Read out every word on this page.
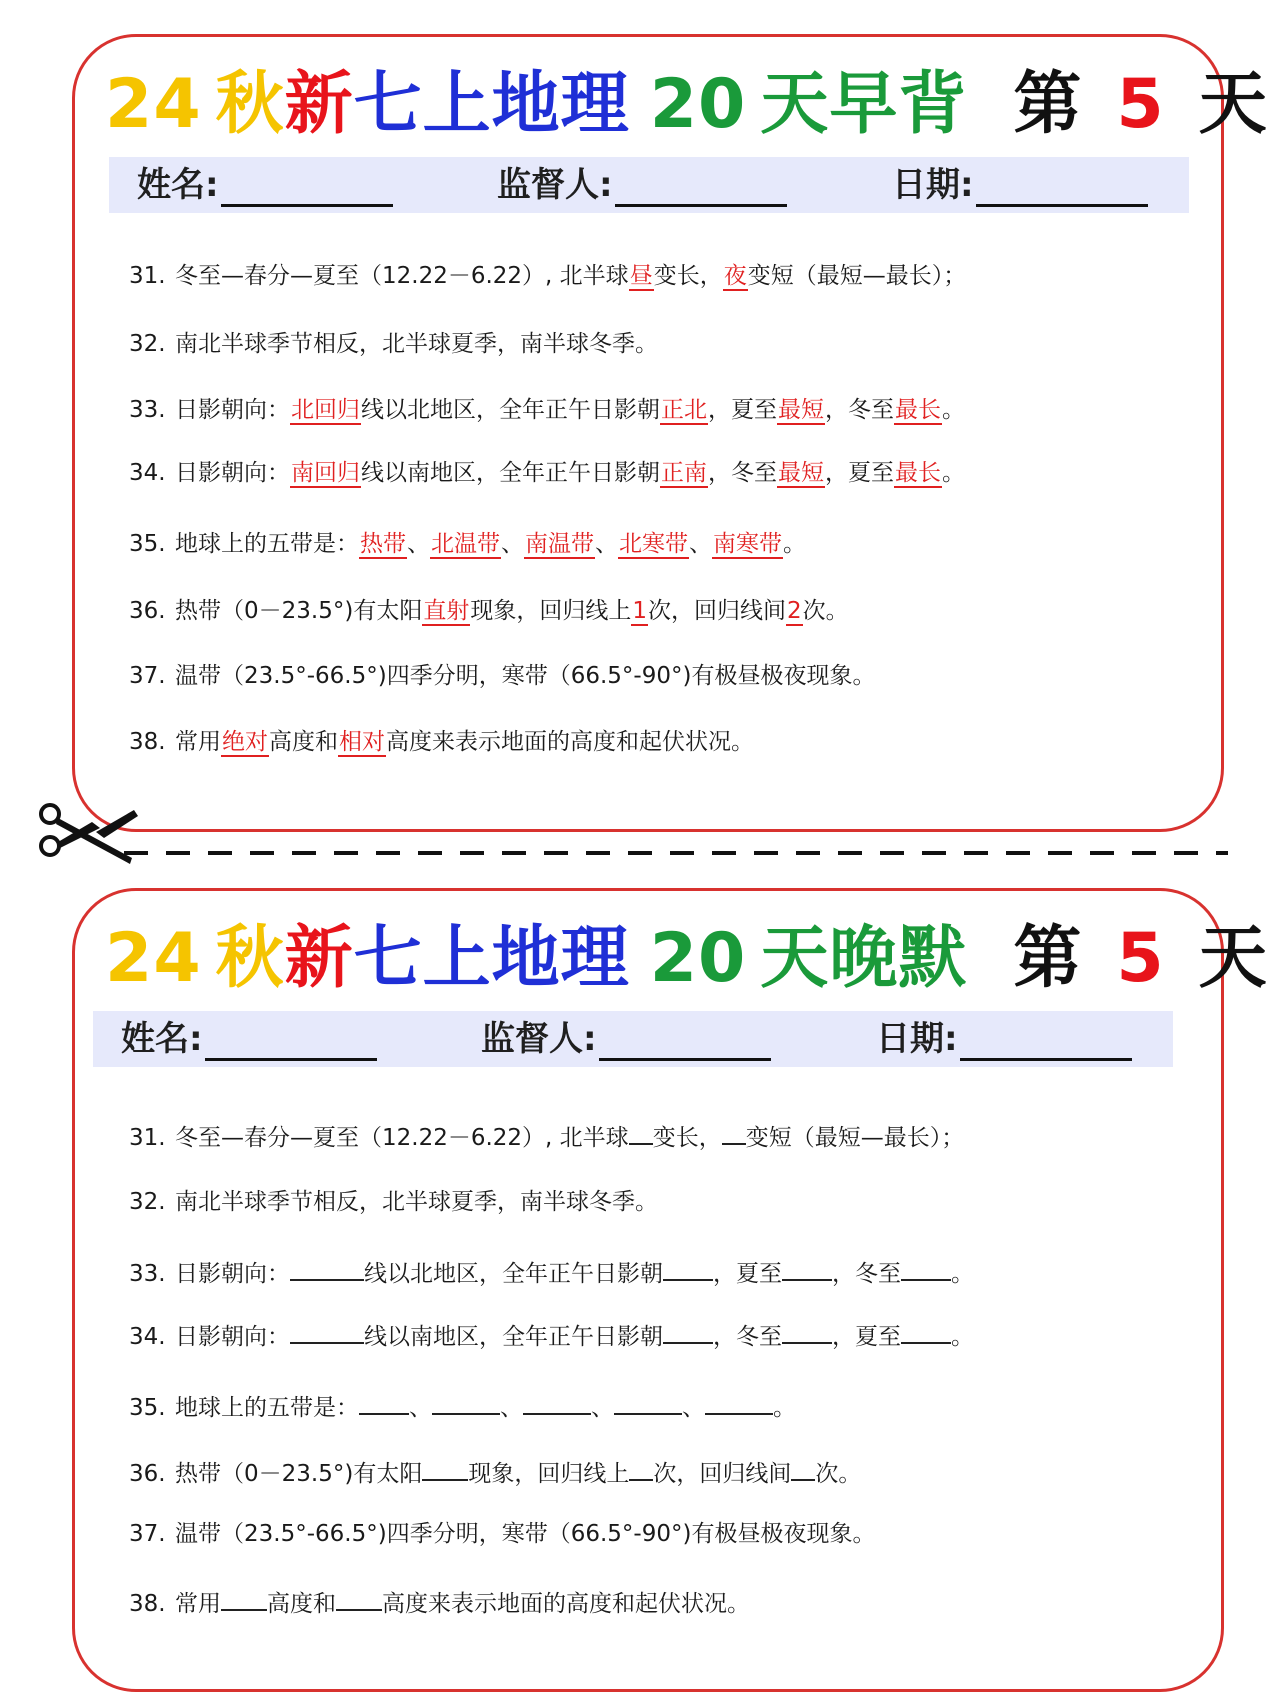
24 秋新七上地理 20 天早背 第 5 天
姓名:	监督人:	日期:
31. 冬至—春分—夏至（12.22－6.22）, 北半球昼变长，夜变短（最短—最长）；
32. 南北半球季节相反，北半球夏季，南半球冬季。
33. 日影朝向：北回归线以北地区，全年正午日影朝正北，夏至最短，冬至最长。
34. 日影朝向：南回归线以南地区，全年正午日影朝正南，冬至最短，夏至最长。
35. 地球上的五带是：热带、北温带、南温带、北寒带、南寒带。
36. 热带（0－23.5°)有太阳直射现象，回归线上1次，回归线间2次。
37. 温带（23.5°-66.5°)四季分明，寒带（66.5°-90°)有极昼极夜现象。
38. 常用绝对高度和相对高度来表示地面的高度和起伏状况。
24 秋新七上地理 20 天晚默 第 5 天
姓名:	监督人:	日期:
31. 冬至—春分—夏至（12.22－6.22）, 北半球 变长， 变短（最短—最长）；
32. 南北半球季节相反，北半球夏季，南半球冬季。
33. 日影朝向：	线以北地区，全年正午日影朝 ，夏至 ，冬至 。
34. 日影朝向：	线以南地区，全年正午日影朝 ，冬至 ，夏至 。
35. 地球上的五带是： 、	、	、	、	。
36. 热带（0－23.5°)有太阳 现象，回归线上 次，回归线间 次。
37. 温带（23.5°-66.5°)四季分明，寒带（66.5°-90°)有极昼极夜现象。
38. 常用 高度和 高度来表示地面的高度和起伏状况。
